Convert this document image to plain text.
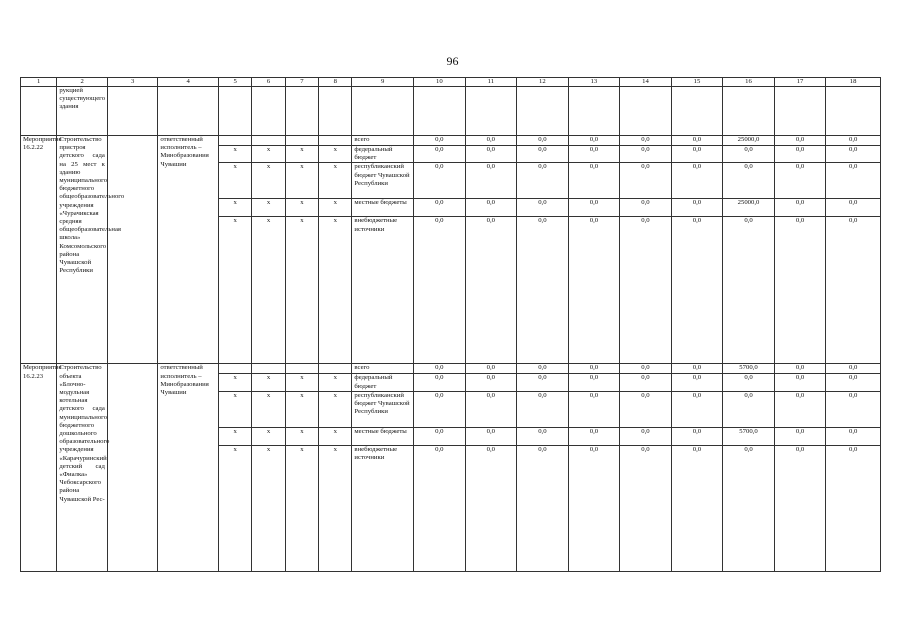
96
1	2	3	4	5	6	7	8	9	10	11	12	13	14	15	16	17	18
	рукцией существующего здания																
Мероприятие 16.2.22	Строительство пристроя детского сада на 25 мест к зданию муниципального бюджетного общеобразовательного учреждения «Чурачикская средняя общеобразовательная школа» Комсомольского района Чувашской Республики		ответственный исполнитель – Минобразования Чувашии					всего	0,0	0,0	0,0	0,0	0,0	0,0	25000,0	0,0	0,0
				x	x	x	x	федеральный бюджет	0,0	0,0	0,0	0,0	0,0	0,0	0,0	0,0	0,0
				x	x	x	x	республиканский бюджет Чувашской Республики	0,0	0,0	0,0	0,0	0,0	0,0	0,0	0,0	0,0
				x	x	x	x	местные бюджеты	0,0	0,0	0,0	0,0	0,0	0,0	25000,0	0,0	0,0
				x	x	x	x	внебюджетные источники	0,0	0,0	0,0	0,0	0,0	0,0	0,0	0,0	0,0
Мероприятие 16.2.23	Строительство объекта «Блочно-модульная котельная детского сада муниципального бюджетного дошкольного образовательного учреждения «Карачуринский детский сад «Фиалка» Чебоксарского района Чувашской Рес-		ответственный исполнитель – Минобразования Чувашии					всего	0,0	0,0	0,0	0,0	0,0	0,0	5700,0	0,0	0,0
				x	x	x	x	федеральный бюджет	0,0	0,0	0,0	0,0	0,0	0,0	0,0	0,0	0,0
				x	x	x	x	республиканский бюджет Чувашской Республики	0,0	0,0	0,0	0,0	0,0	0,0	0,0	0,0	0,0
				x	x	x	x	местные бюджеты	0,0	0,0	0,0	0,0	0,0	0,0	5700,0	0,0	0,0
				x	x	x	x	внебюджетные источники	0,0	0,0	0,0	0,0	0,0	0,0	0,0	0,0	0,0
